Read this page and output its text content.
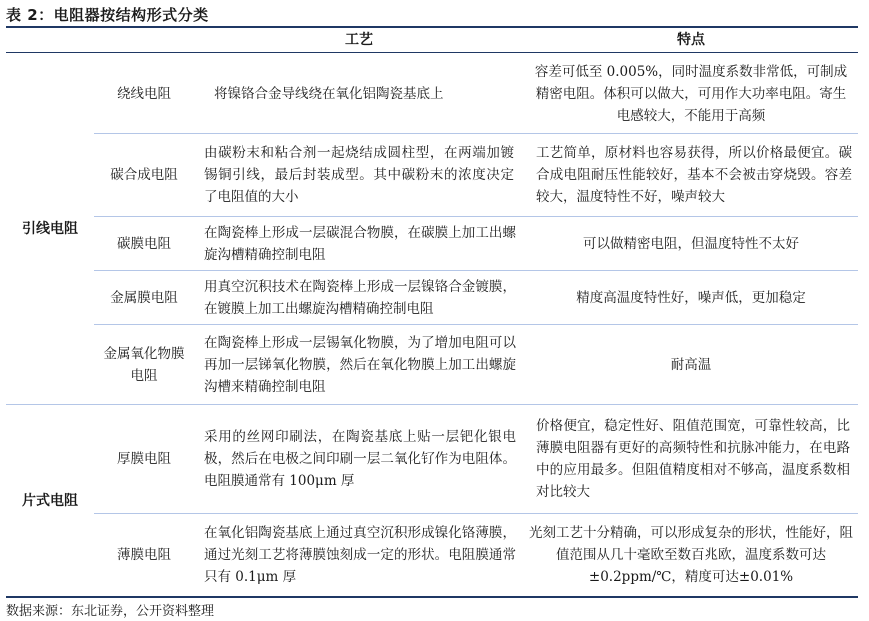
表 2：电阻器按结构形式分类
工艺	特点
引线电阻
片式电阻
绕线电阻	将镍铬合金导线绕在氧化铝陶瓷基底上
容差可低至 0.005%，同时温度系数非常低，可制成精密电阻。体积可以做大，可用作大功率电阻。寄生电感较大，不能用于高频
碳合成电阻
由碳粉末和粘合剂一起烧结成圆柱型，在两端加镀锡铜引线，最后封装成型。其中碳粉末的浓度决定了电阻值的大小
工艺简单，原材料也容易获得，所以价格最便宜。碳合成电阻耐压性能较好，基本不会被击穿烧毁。容差较大，温度特性不好，噪声较大
碳膜电阻
在陶瓷棒上形成一层碳混合物膜，在碳膜上加工出螺旋沟槽精确控制电阻
可以做精密电阻，但温度特性不太好
金属膜电阻
用真空沉积技术在陶瓷棒上形成一层镍铬合金镀膜，在镀膜上加工出螺旋沟槽精确控制电阻
精度高温度特性好，噪声低，更加稳定
金属氧化物膜电阻
在陶瓷棒上形成一层锡氧化物膜，为了增加电阻可以再加一层锑氧化物膜，然后在氧化物膜上加工出螺旋沟槽来精确控制电阻
耐高温
厚膜电阻
采用的丝网印刷法，在陶瓷基底上贴一层钯化银电极，然后在电极之间印刷一层二氧化钌作为电阻体。电阻膜通常有 100μm 厚
价格便宜，稳定性好、阻值范围宽，可靠性较高，比薄膜电阻器有更好的高频特性和抗脉冲能力，在电路中的应用最多。但阻值精度相对不够高，温度系数相对比较大
薄膜电阻
在氧化铝陶瓷基底上通过真空沉积形成镍化铬薄膜，通过光刻工艺将薄膜蚀刻成一定的形状。电阻膜通常只有 0.1μm 厚
光刻工艺十分精确，可以形成复杂的形状，性能好，阻值范围从几十毫欧至数百兆欧，温度系数可达±0.2ppm/℃，精度可达±0.01%
数据来源：东北证券，公开资料整理
